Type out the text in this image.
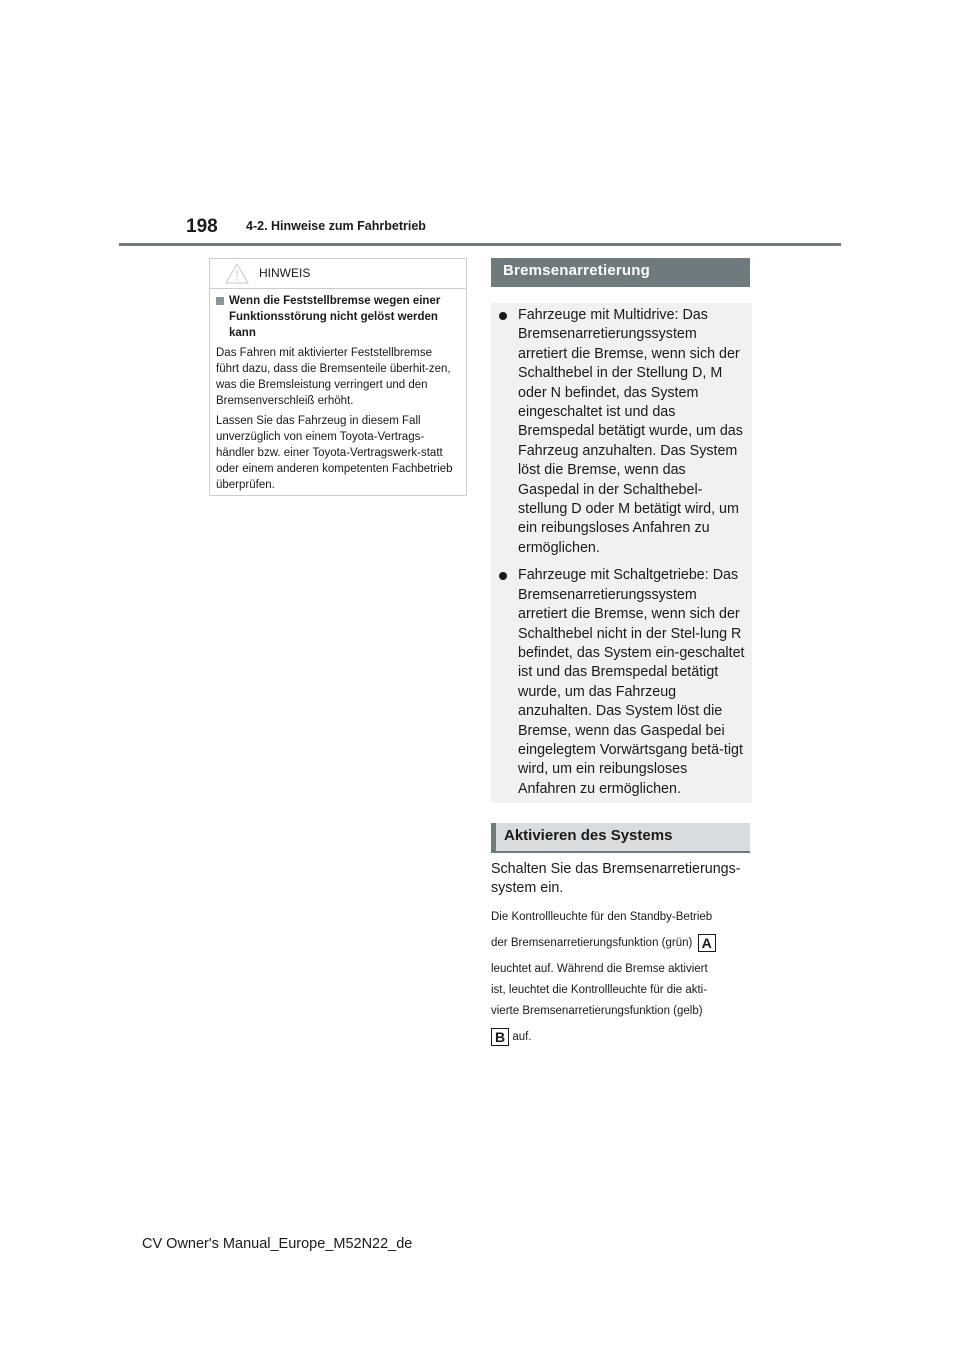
198 4-2. Hinweise zum Fahrbetrieb
HINWEIS
Wenn die Feststellbremse wegen einer Funktionsstörung nicht gelöst werden kann

Das Fahren mit aktivierter Feststellbremse führt dazu, dass die Bremsenteile überhit-zen, was die Bremsleistung verringert und den Bremsenverschleiß erhöht.

Lassen Sie das Fahrzeug in diesem Fall unverzüglich von einem Toyota-Vertrags-händler bzw. einer Toyota-Vertragswerk-statt oder einem anderen kompetenten Fachbetrieb überprüfen.

Bremsenarretierung
Fahrzeuge mit Multidrive: Das Bremsenarretierungssystem arretiert die Bremse, wenn sich der Schalthebel in der Stellung D, M oder N befindet, das System eingeschaltet ist und das Bremspedal betätigt wurde, um das Fahrzeug anzuhalten. Das System löst die Bremse, wenn das Gaspedal in der Schalthebel-stellung D oder M betätigt wird, um ein reibungsloses Anfahren zu ermöglichen.
Fahrzeuge mit Schaltgetriebe: Das Bremsenarretierungssystem arretiert die Bremse, wenn sich der Schalthebel nicht in der Stel-lung R befindet, das System ein-geschaltet ist und das Bremspedal betätigt wurde, um das Fahrzeug anzuhalten. Das System löst die Bremse, wenn das Gaspedal bei eingelegtem Vorwärtsgang betä-tigt wird, um ein reibungsloses Anfahren zu ermöglichen.
Aktivieren des Systems
Schalten Sie das Bremsenarretierungs-system ein.
Die Kontrollleuchte für den Standby-Betrieb
der Bremsenarretierungsfunktion (grün) A
leuchtet auf. Während die Bremse aktiviert
ist, leuchtet die Kontrollleuchte für die akti-
vierte Bremsenarretierungsfunktion (gelb)
B auf.
CV Owner's Manual_Europe_M52N22_de
